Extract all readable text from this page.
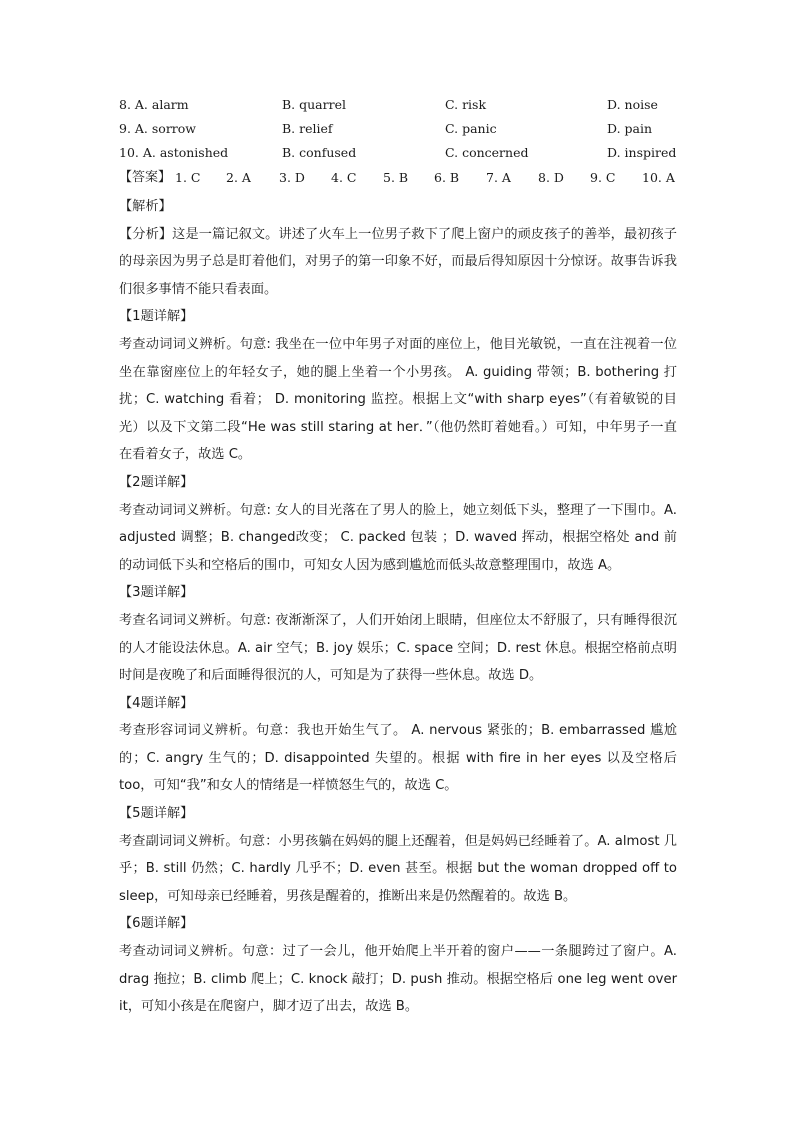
8. A. alarm	B. quarrel	C. risk	D. noise
9. A. sorrow	B. relief	C. panic	D. pain
10. A. astonished	B. confused	C. concerned	D. inspired
【答案】 1. C 2. A 3. D 4. C 5. B 6. B 7. A 8. D 9. C 10. A

【解析】

【分析】这是一篇记叙文。讲述了火车上一位男子救下了爬上窗户的顽皮孩子的善举，最初孩子的母亲因为男子总是盯着他们，对男子的第一印象不好，而最后得知原因十分惊讶。故事告诉我们很多事情不能只看表面。

【1题详解】

考查动词词义辨析。句意: 我坐在一位中年男子对面的座位上，他目光敏锐，一直在注视着一位坐在靠窗座位上的年轻女子，她的腿上坐着一个小男孩。 A. guiding 带领；B. bothering 打扰；C. watching 看着； D. monitoring 监控。根据上文“with sharp eyes”（有着敏锐的目光）以及下文第二段“He was still staring at her．”（他仍然盯着她看。）可知，中年男子一直在看着女子，故选 C。

【2题详解】

考查动词词义辨析。句意: 女人的目光落在了男人的脸上，她立刻低下头，整理了一下围巾。A. adjusted 调整；B. changed改变； C. packed 包装 ；D. waved 挥动，根据空格处 and 前的动词低下头和空格后的围巾，可知女人因为感到尴尬而低头故意整理围巾，故选 A。

【3题详解】

考查名词词义辨析。句意: 夜渐渐深了，人们开始闭上眼睛，但座位太不舒服了，只有睡得很沉的人才能设法休息。A. air 空气；B. joy 娱乐；C. space 空间；D. rest 休息。根据空格前点明时间是夜晚了和后面睡得很沉的人，可知是为了获得一些休息。故选 D。

【4题详解】

考查形容词词义辨析。句意：我也开始生气了。 A. nervous 紧张的；B. embarrassed 尴尬的；C. angry 生气的；D. disappointed 失望的。根据 with fire in her eyes 以及空格后 too，可知“我”和女人的情绪是一样愤怒生气的，故选 C。

【5题详解】

考查副词词义辨析。句意：小男孩躺在妈妈的腿上还醒着，但是妈妈已经睡着了。A. almost 几乎；B. still 仍然；C. hardly 几乎不；D. even 甚至。根据 but the woman dropped off to sleep，可知母亲已经睡着，男孩是醒着的，推断出来是仍然醒着的。故选 B。

【6题详解】

考查动词词义辨析。句意：过了一会儿，他开始爬上半开着的窗户——一条腿跨过了窗户。A. drag 拖拉；B. climb 爬上；C. knock 敲打；D. push 推动。根据空格后 one leg went over it，可知小孩是在爬窗户，脚才迈了出去，故选 B。
